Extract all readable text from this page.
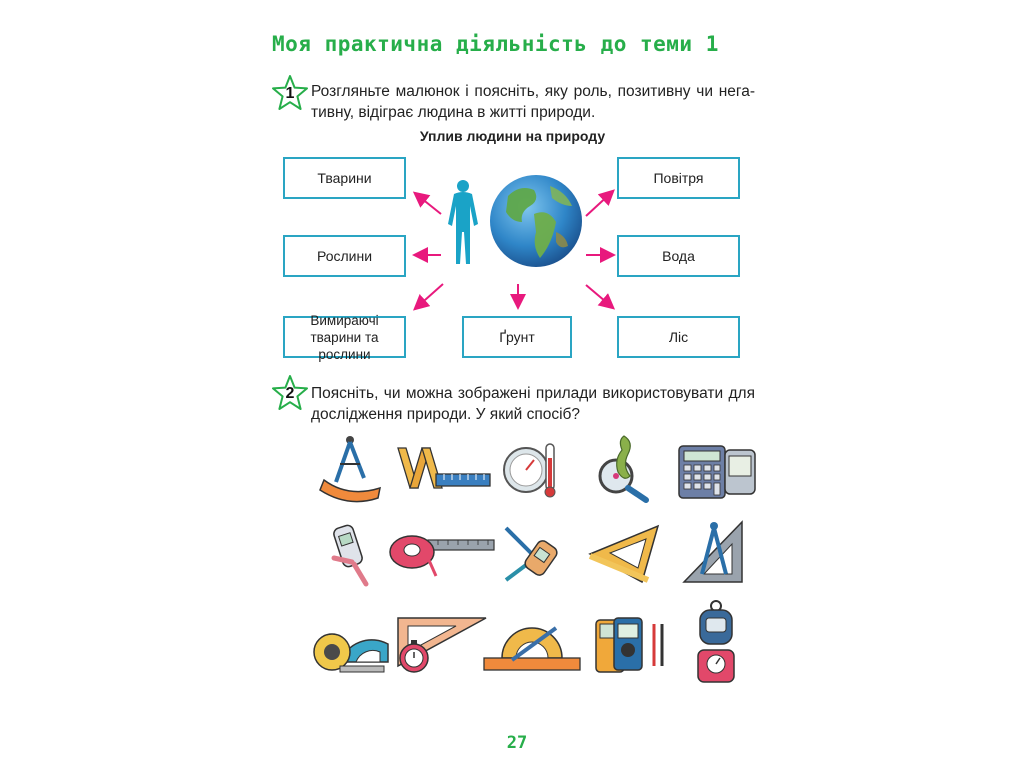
Моя практична діяльність до теми 1
1	Розгляньте малюнок і поясніть, яку роль, позитивну чи нега-тивну, відіграє людина в житті природи.
Уплив людини на природу
Тварини
Рослини
Вимираючі тварини та рослини
Ґрунт
Повітря
Вода
Ліс
2	Поясніть, чи можна зображені прилади використовувати для дослідження природи. У який спосіб?
27
